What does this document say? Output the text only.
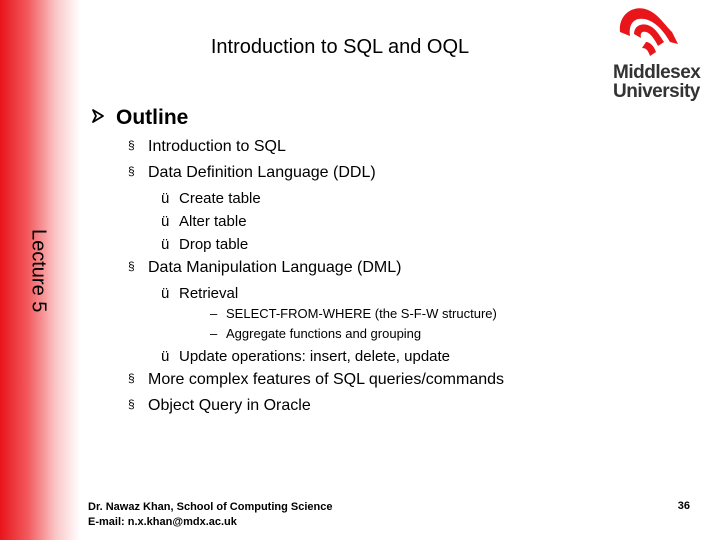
Lecture 5
Introduction to SQL and OQL
Middlesex
University
Outline
§ Introduction to SQL
§ Data Definition Language (DDL)
ü Create table
ü Alter table
ü Drop table
§ Data Manipulation Language (DML)
ü Retrieval
– SELECT-FROM-WHERE (the S-F-W structure)
– Aggregate functions and grouping
ü Update operations: insert, delete, update
§ More complex features of SQL queries/commands
§ Object Query in Oracle
Dr. Nawaz Khan, School of Computing Science
E-mail: n.x.khan@mdx.ac.uk
36
